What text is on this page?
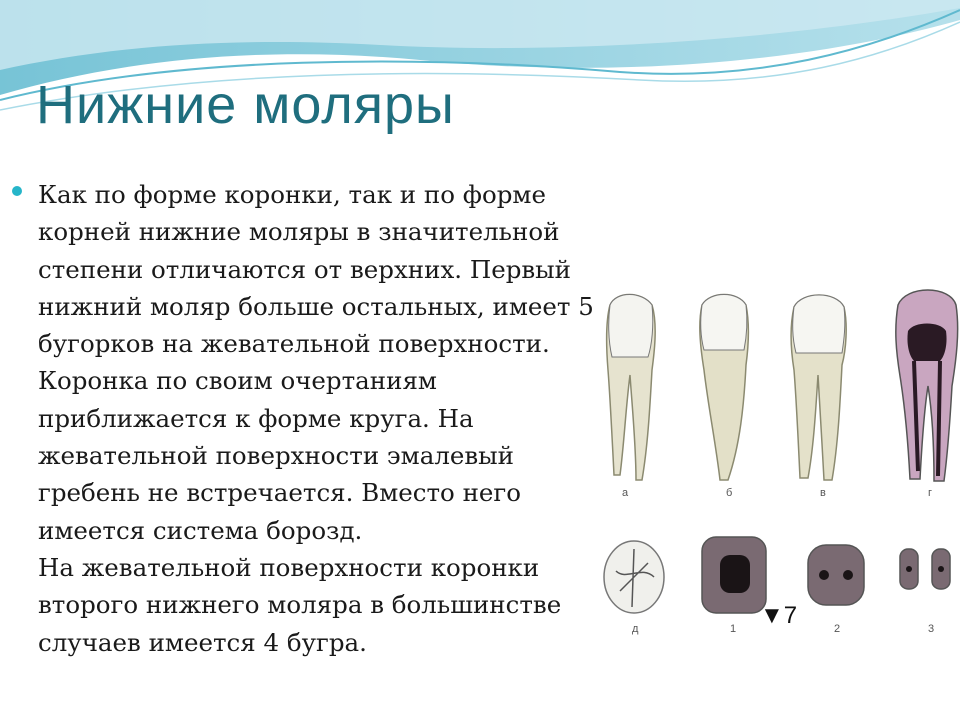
Нижние моляры
Как по форме коронки, так и по форме корней нижние моляры в значительной степени отличаются от верхних. Первый нижний моляр больше остальных, имеет 5 бугорков на жевательной поверхности. Коронка по своим очертаниям приближается к форме круга. На жевательной поверхности эмалевый гребень не встречается. Вместо него имеется система борозд.
На жевательной поверхности коронки второго нижнего моляра в большинстве случаев имеется 4 бугра.
а	б	в	г
д	1	2	3
▼7
